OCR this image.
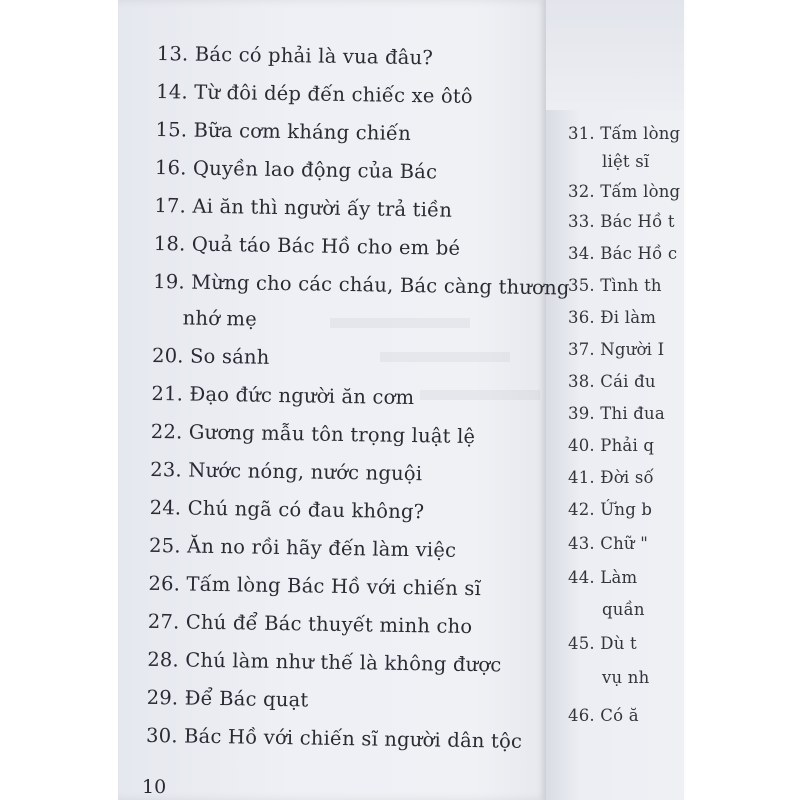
13. Bác có phải là vua đâu?
14. Từ đôi dép đến chiếc xe ôtô
15. Bữa cơm kháng chiến
16. Quyền lao động của Bác
17. Ai ăn thì người ấy trả tiền
18. Quả táo Bác Hồ cho em bé
19. Mừng cho các cháu, Bác càng thương
nhớ mẹ
20. So sánh
21. Đạo đức người ăn cơm
22. Gương mẫu tôn trọng luật lệ
23. Nước nóng, nước nguội
24. Chú ngã có đau không?
25. Ăn no rồi hãy đến làm việc
26. Tấm lòng Bác Hồ với chiến sĩ
27. Chú để Bác thuyết minh cho
28. Chú làm như thế là không được
29. Để Bác quạt
30. Bác Hồ với chiến sĩ người dân tộc
10
31. Tấm lòng
liệt sĩ
32. Tấm lòng
33. Bác Hồ t
34. Bác Hồ c
35. Tình th
36. Đi làm
37. Người I
38. Cái đu
39. Thi đua
40. Phải q
41. Đời số
42. Ứng b
43. Chữ "
44. Làm
quần
45. Dù t
vụ nh
46. Có ă
